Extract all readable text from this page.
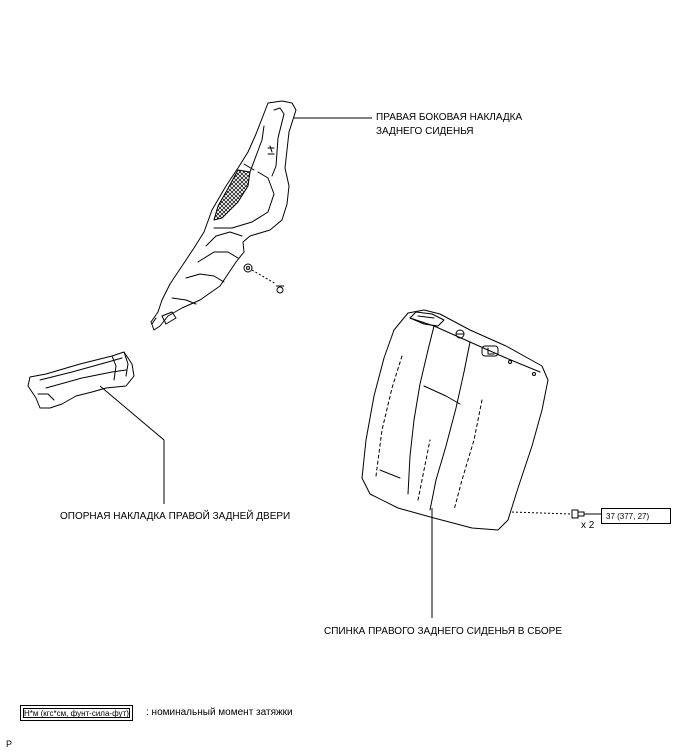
ПРАВАЯ БОКОВАЯ НАКЛАДКА
ЗАДНЕГО СИДЕНЬЯ
ОПОРНАЯ НАКЛАДКА ПРАВОЙ ЗАДНЕЙ ДВЕРИ
СПИНКА ПРАВОГО ЗАДНЕГО СИДЕНЬЯ В СБОРЕ
37 (377, 27)
x 2
Н*м (кгс*см, фунт-сила-фут)	: номинальный момент затяжки
P
